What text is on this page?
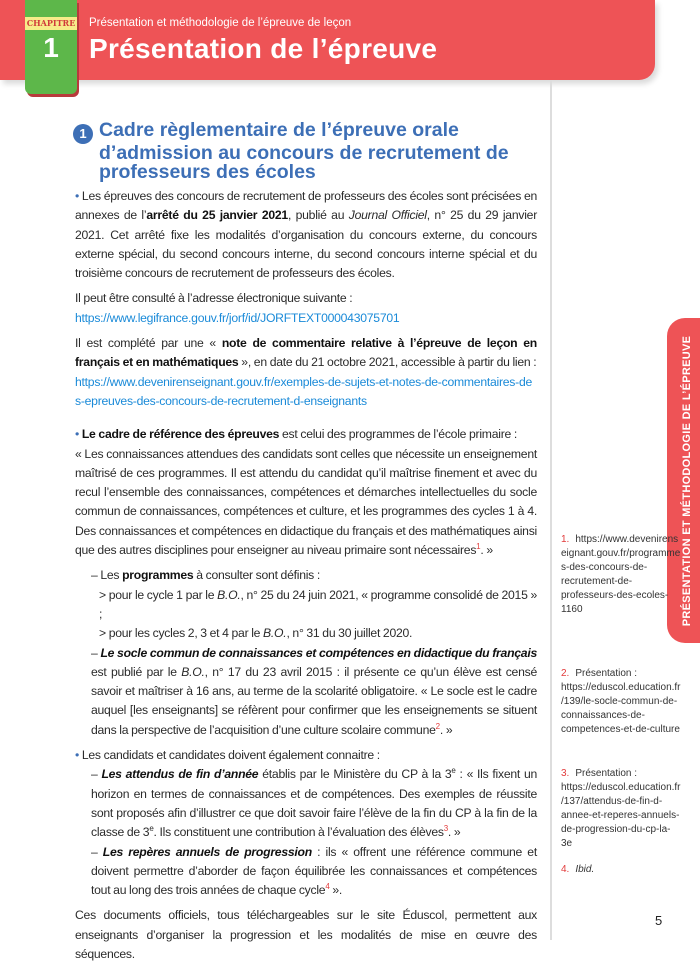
CHAPITRE
1
Présentation et méthodologie de l’épreuve de leçon
Présentation de l’épreuve
PRÉSENTATION ET MÉTHODOLOGIE DE L’ÉPREUVE
1 Cadre règlementaire de l’épreuve orale d’admission au concours de recrutement de professeurs des écoles
• Les épreuves des concours de recrutement de professeurs des écoles sont précisées en annexes de l’arrêté du 25 janvier 2021, publié au Journal Officiel, n° 25 du 29 janvier 2021. Cet arrêté fixe les modalités d’organisation du concours externe, du concours externe spécial, du second concours interne, du second concours interne spécial et du troisième concours de recrutement de professeurs des écoles.
Il peut être consulté à l’adresse électronique suivante :
https://www.legifrance.gouv.fr/jorf/id/JORFTEXT000043075701
Il est complété par une « note de commentaire relative à l’épreuve de leçon en français et en mathématiques », en date du 21 octobre 2021, accessible à partir du lien :
https://www.devenirenseignant.gouv.fr/exemples-de-sujets-et-notes-de-commentaires-des-epreuves-des-concours-de-recrutement-d-enseignants
• Le cadre de référence des épreuves est celui des programmes de l’école primaire :
« Les connaissances attendues des candidats sont celles que nécessite un enseignement maîtrisé de ces programmes. Il est attendu du candidat qu’il maîtrise finement et avec du recul l’ensemble des connaissances, compétences et démarches intellectuelles du socle commun de connaissances, compétences et culture, et les programmes des cycles 1 à 4. Des connaissances et compétences en didactique du français et des mathématiques ainsi que des autres disciplines pour enseigner au niveau primaire sont nécessaires$^1$. »
– Les programmes à consulter sont définis :
> pour le cycle 1 par le B.O., n° 25 du 24 juin 2021, « programme consolidé de 2015 » ;
> pour les cycles 2, 3 et 4 par le B.O., n° 31 du 30 juillet 2020.
– Le socle commun de connaissances et compétences en didactique du français est publié par le B.O., n° 17 du 23 avril 2015 : il présente ce qu’un élève est censé savoir et maîtriser à 16 ans, au terme de la scolarité obligatoire. « Le socle est le cadre auquel [les enseignants] se réfèrent pour confirmer que les enseignements se situent dans la perspective de l’acquisition d’une culture scolaire commune$^2$. »
• Les candidats et candidates doivent également connaitre :
– Les attendus de fin d’année établis par le Ministère du CP à la 3e : « Ils fixent un horizon en termes de connaissances et de compétences. Des exemples de réussite sont proposés afin d’illustrer ce que doit savoir faire l’élève de la fin du CP à la fin de la classe de 3e. Ils constituent une contribution à l’évaluation des élèves$^3$. »
– Les repères annuels de progression : ils « offrent une référence commune et doivent permettre d’aborder de façon équilibrée les connaissances et compétences tout au long des trois années de chaque cycle$^4$ ».
Ces documents officiels, tous téléchargeables sur le site Éduscol, permettent aux enseignants d’organiser la progression et les modalités de mise en œuvre des séquences.
1. https://www.devenirenseignant.gouv.fr/programmes-des-concours-de-recrutement-de-professeurs-des-ecoles-1160
2. Présentation : https://eduscol.education.fr/139/le-socle-commun-de-connaissances-de-competences-et-de-culture
3. Présentation : https://eduscol.education.fr/137/attendus-de-fin-d-annee-et-reperes-annuels-de-progression-du-cp-la-3e
4. Ibid.
5
